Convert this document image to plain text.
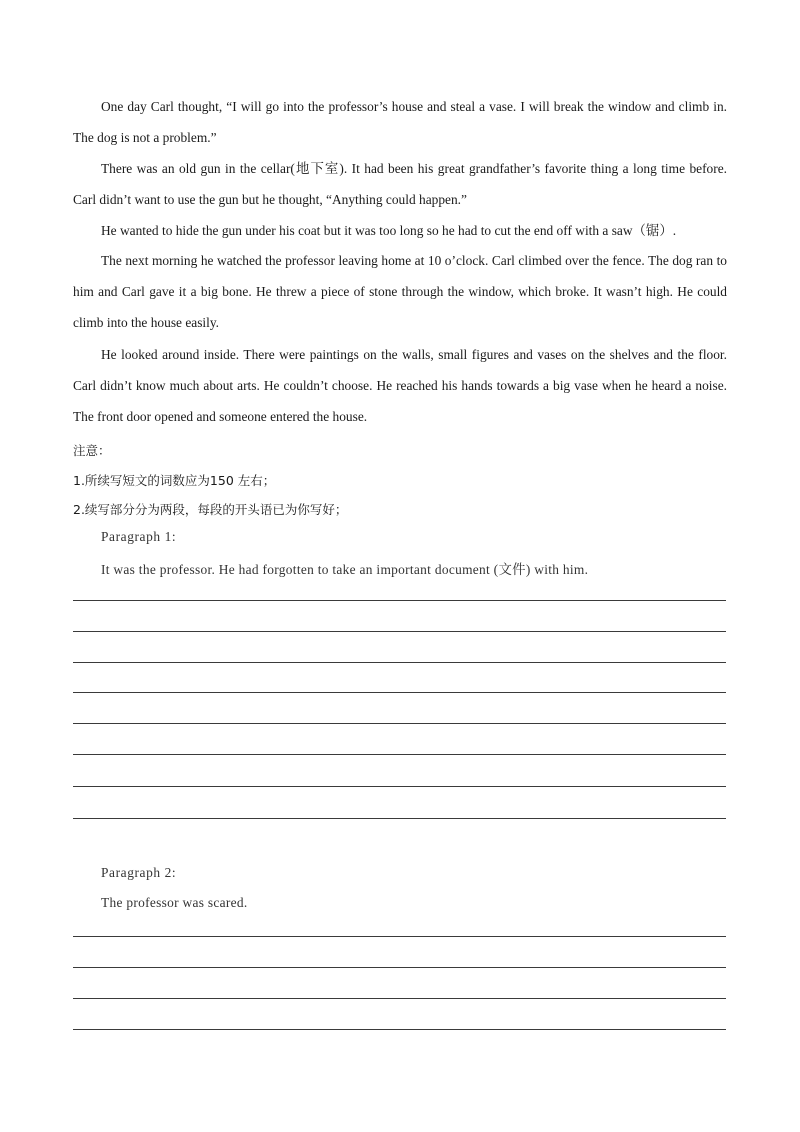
One day Carl thought, “I will go into the professor’s house and steal a vase. I will break the window and climb in. The dog is not a problem.”

There was an old gun in the cellar(地下室). It had been his great grandfather’s favorite thing a long time before. Carl didn’t want to use the gun but he thought, “Anything could happen.”

He wanted to hide the gun under his coat but it was too long so he had to cut the end off with a saw（锯）.

The next morning he watched the professor leaving home at 10 o’clock. Carl climbed over the fence. The dog ran to him and Carl gave it a big bone. He threw a piece of stone through the window, which broke. It wasn’t high. He could climb into the house easily.

He looked around inside. There were paintings on the walls, small figures and vases on the shelves and the floor. Carl didn’t know much about arts. He couldn’t choose. He reached his hands towards a big vase when he heard a noise. The front door opened and someone entered the house.

注意：

1.所续写短文的词数应为150 左右；

2.续写部分分为两段，每段的开头语已为你写好；

Paragraph 1:

It was the professor. He had forgotten to take an important document (文件) with him.

Paragraph 2:

The professor was scared.
